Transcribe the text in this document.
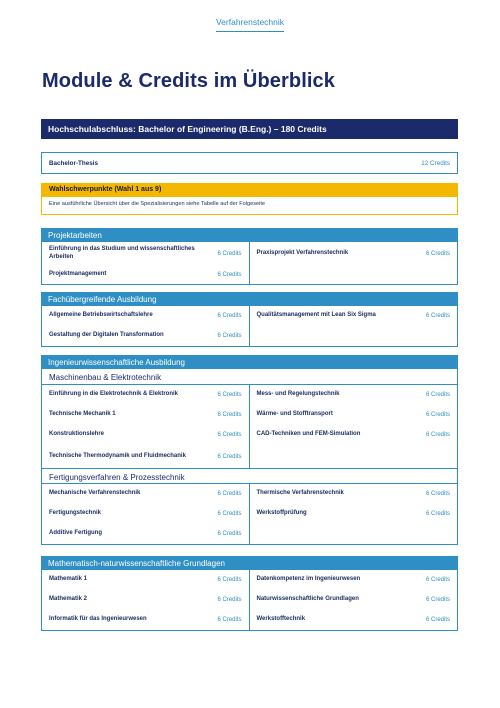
Verfahrenstechnik
Module & Credits im Überblick
Hochschulabschluss: Bachelor of Engineering (B.Eng.) – 180 Credits
Bachelor-Thesis	12 Credits
Wahlschwerpunkte (Wahl 1 aus 9)
Eine ausführliche Übersicht über die Spezialisierungen siehe Tabelle auf der Folgeseite
Projektarbeiten
Einführung in das Studium und wissenschaftliches Arbeiten	6 Credits	Praxisprojekt Verfahrenstechnik	6 Credits
Projektmanagement	6 Credits
Fachübergreifende Ausbildung
Allgemeine Betriebswirtschaftslehre	6 Credits	Qualitätsmanagement mit Lean Six Sigma	6 Credits
Gestaltung der Digitalen Transformation	6 Credits
Ingenieurwissenschaftliche Ausbildung
Maschinenbau & Elektrotechnik
Einführung in die Elektrotechnik & Elektronik	6 Credits	Mess- und Regelungstechnik	6 Credits
Technische Mechanik 1	6 Credits	Wärme- und Stofftransport	6 Credits
Konstruktionslehre	6 Credits	CAD-Techniken und FEM-Simulation	6 Credits
Technische Thermodynamik und Fluidmechanik	6 Credits
Fertigungsverfahren & Prozesstechnik
Mechanische Verfahrenstechnik	6 Credits	Thermische Verfahrenstechnik	6 Credits
Fertigungstechnik	6 Credits	Werkstoffprüfung	6 Credits
Additive Fertigung	6 Credits
Mathematisch-naturwissenschaftliche Grundlagen
Mathematik 1	6 Credits	Datenkompetenz im Ingenieurwesen	6 Credits
Mathematik 2	6 Credits	Naturwissenschaftliche Grundlagen	6 Credits
Informatik für das Ingenieurwesen	6 Credits	Werkstofftechnik	6 Credits
